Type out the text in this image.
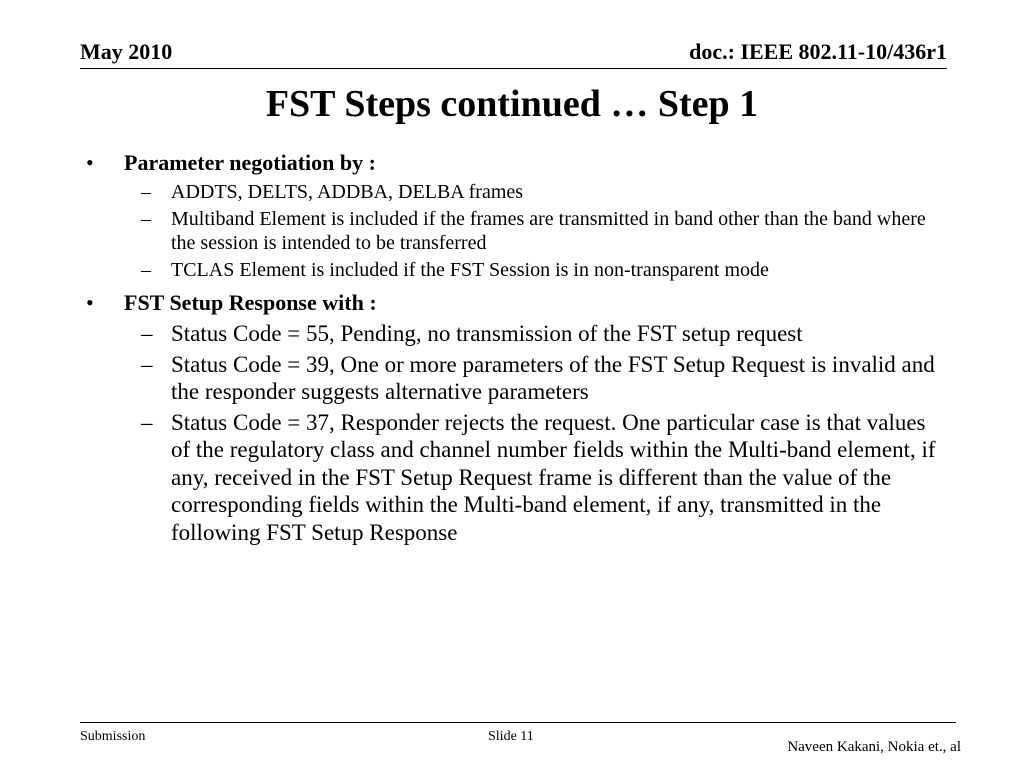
May 2010	doc.: IEEE 802.11-10/436r1
FST Steps continued … Step 1
• Parameter negotiation by :
– ADDTS, DELTS, ADDBA, DELBA frames
– Multiband Element is included if the frames are transmitted in band other than the band where the session is intended to be transferred
– TCLAS Element is included if the FST Session is in non-transparent mode
• FST Setup Response with :
– Status Code = 55, Pending, no transmission of the FST setup request
– Status Code = 39, One or more parameters of the FST Setup Request is invalid and the responder suggests alternative parameters
– Status Code = 37, Responder rejects the request. One particular case is that values of the regulatory class and channel number fields within the Multi-band element, if any, received in the FST Setup Request frame is different than the value of the corresponding fields within the Multi-band element, if any, transmitted in the following FST Setup Response
Submission	Slide 11
Naveen Kakani, Nokia et., al
